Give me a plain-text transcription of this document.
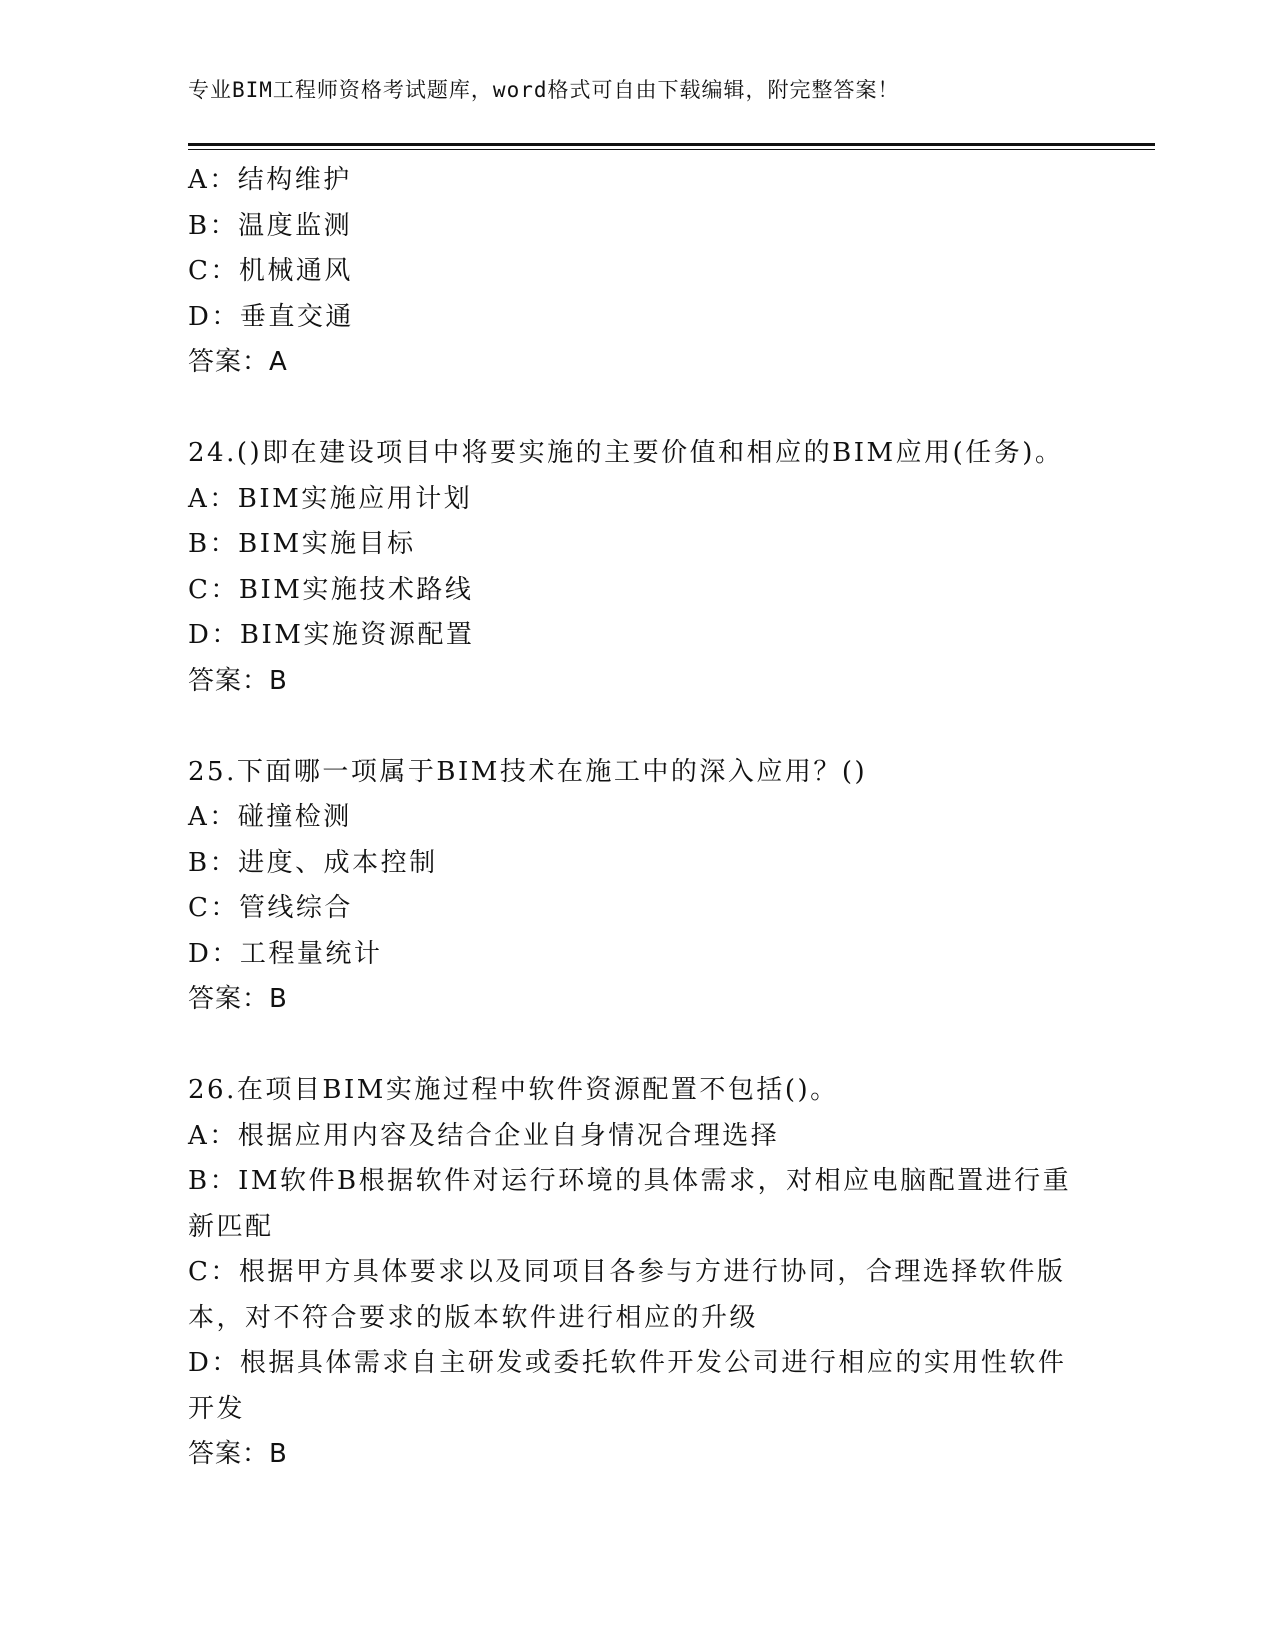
专业BIM工程师资格考试题库，word格式可自由下载编辑，附完整答案！
A：结构维护
B：温度监测
C：机械通风
D：垂直交通
答案：A
24.()即在建设项目中将要实施的主要价值和相应的BIM应用(任务)。
A：BIM实施应用计划
B：BIM实施目标
C：BIM实施技术路线
D：BIM实施资源配置
答案：B
25.下面哪一项属于BIM技术在施工中的深入应用？()
A：碰撞检测
B：进度、成本控制
C：管线综合
D：工程量统计
答案：B
26.在项目BIM实施过程中软件资源配置不包括()。
A：根据应用内容及结合企业自身情况合理选择
B：IM软件B根据软件对运行环境的具体需求，对相应电脑配置进行重新匹配
C：根据甲方具体要求以及同项目各参与方进行协同，合理选择软件版本，对不符合要求的版本软件进行相应的升级
D：根据具体需求自主研发或委托软件开发公司进行相应的实用性软件开发
答案：B
